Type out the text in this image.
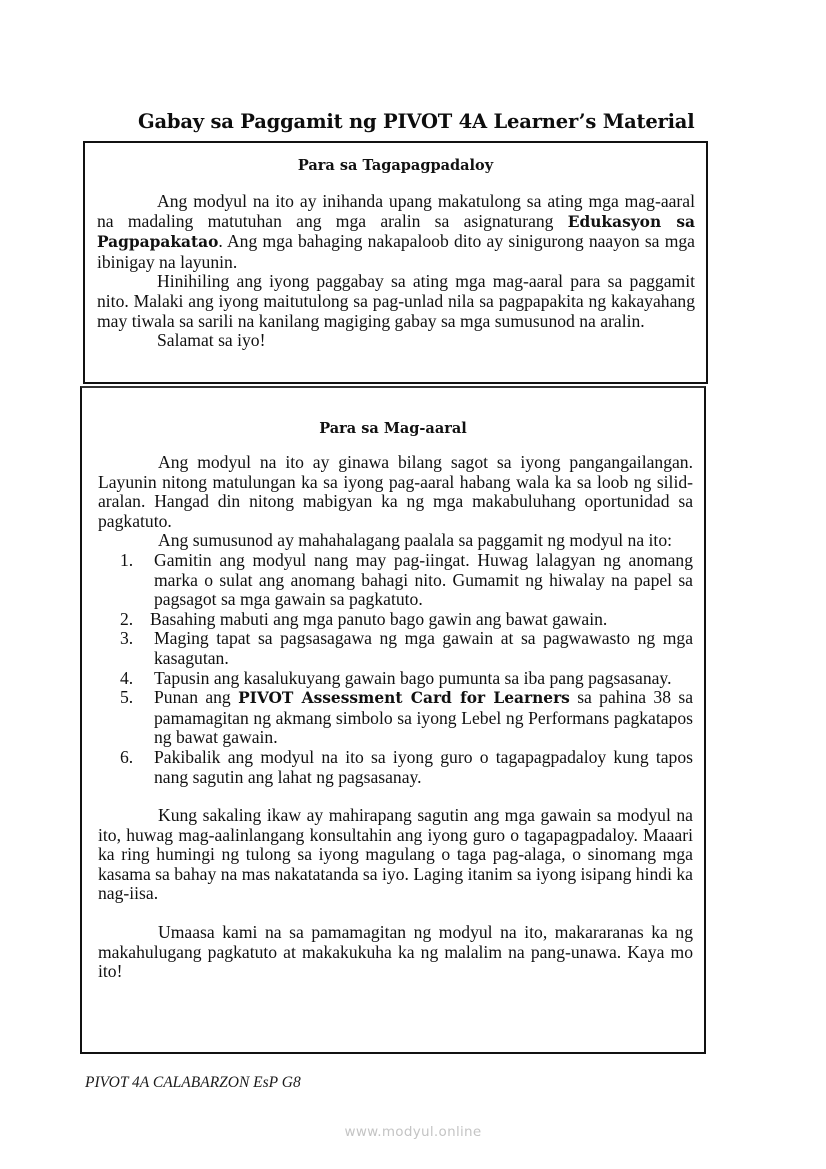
Gabay sa Paggamit ng PIVOT 4A Learner’s Material
Para sa Tagapagpadaloy

Ang modyul na ito ay inihanda upang makatulong sa ating mga mag-aaral na madaling matutuhan ang mga aralin sa asignaturang Edukasyon sa Pagpapakatao. Ang mga bahaging nakapaloob dito ay sinigurong naayon sa mga ibinigay na layunin.

Hinihiling ang iyong paggabay sa ating mga mag-aaral para sa paggamit nito. Malaki ang iyong maitutulong sa pag-unlad nila sa pagpapakita ng kakayahang may tiwala sa sarili na kanilang magiging gabay sa mga sumusunod na aralin.

Salamat sa iyo!

Para sa Mag-aaral

Ang modyul na ito ay ginawa bilang sagot sa iyong pangangailangan. Layunin nitong matulungan ka sa iyong pag-aaral habang wala ka sa loob ng silid-aralan. Hangad din nitong mabigyan ka ng mga makabuluhang oportunidad sa pagkatuto.

Ang sumusunod ay mahahalagang paalala sa paggamit ng modyul na ito:

1. Gamitin ang modyul nang may pag-iingat. Huwag lalagyan ng anomang marka o sulat ang anomang bahagi nito. Gumamit ng hiwalay na papel sa pagsagot sa mga gawain sa pagkatuto.
2. Basahing mabuti ang mga panuto bago gawin ang bawat gawain.
3. Maging tapat sa pagsasagawa ng mga gawain at sa pagwawasto ng mga kasagutan.
4. Tapusin ang kasalukuyang gawain bago pumunta sa iba pang pagsasanay.
5. Punan ang PIVOT Assessment Card for Learners sa pahina 38 sa pamamagitan ng akmang simbolo sa iyong Lebel ng Performans pagkatapos ng bawat gawain.
6. Pakibalik ang modyul na ito sa iyong guro o tagapagpadaloy kung tapos nang sagutin ang lahat ng pagsasanay.

Kung sakaling ikaw ay mahirapang sagutin ang mga gawain sa modyul na ito, huwag mag-aalinlangang konsultahin ang iyong guro o tagapagpadaloy. Maaari ka ring humingi ng tulong sa iyong magulang o taga pag-alaga, o sinomang mga kasama sa bahay na mas nakatatanda sa iyo. Laging itanim sa iyong isipang hindi ka nag-iisa.

Umaasa kami na sa pamamagitan ng modyul na ito, makararanas ka ng makahulugang pagkatuto at makakukuha ka ng malalim na pang-unawa. Kaya mo ito!

PIVOT 4A CALABARZON EsP G8
www.modyul.online
